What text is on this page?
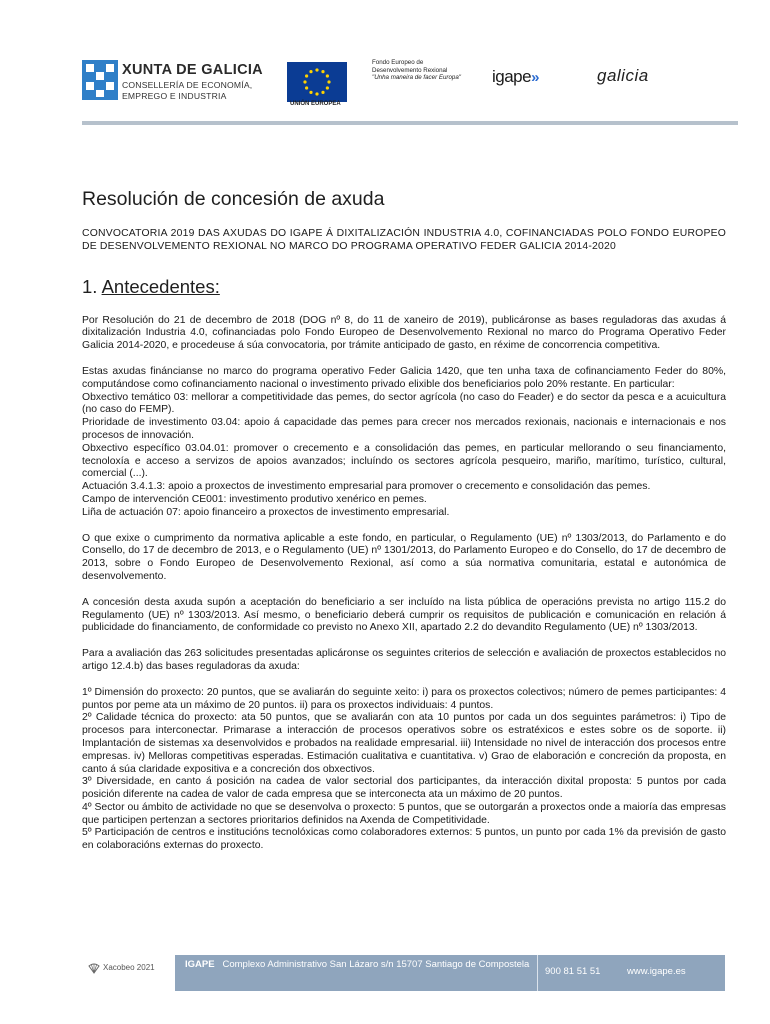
XUNTA DE GALICIA
CONSELLERÍA DE ECONOMÍA,
EMPREGO E INDUSTRIA
UNIÓN EUROPEA
Fondo Europeo de
Desenvolvemento Rexional
"Unha maneira de facer Europa" igape»	galicia
Resolución de concesión de axuda
CONVOCATORIA 2019 DAS AXUDAS DO IGAPE Á DIXITALIZACIÓN INDUSTRIA 4.0, COFINANCIADAS POLO FONDO EUROPEO DE DESENVOLVEMENTO REXIONAL NO MARCO DO PROGRAMA OPERATIVO FEDER GALICIA 2014-2020
1. Antecedentes:

Por Resolución do 21 de decembro de 2018 (DOG nº 8, do 11 de xaneiro de 2019), publicáronse as bases reguladoras das axudas á dixitalización Industria 4.0, cofinanciadas polo Fondo Europeo de Desenvolvemento Rexional no marco do Programa Operativo Feder Galicia 2014-2020, e procedeuse á súa convocatoria, por trámite anticipado de gasto, en réxime de concorrencia competitiva.

Estas axudas fináncianse no marco do programa operativo Feder Galicia 1420, que ten unha taxa de cofinanciamento Feder do 80%, computándose como cofinanciamento nacional o investimento privado elixible dos beneficiarios polo 20% restante. En particular:

Obxectivo temático 03: mellorar a competitividade das pemes, do sector agrícola (no caso do Feader) e do sector da pesca e a acuicultura (no caso do FEMP).

Prioridade de investimento 03.04: apoio á capacidade das pemes para crecer nos mercados rexionais, nacionais e internacionais e nos procesos de innovación.

Obxectivo específico 03.04.01: promover o crecemento e a consolidación das pemes, en particular mellorando o seu financiamento, tecnoloxía e acceso a servizos de apoios avanzados; incluíndo os sectores agrícola pesqueiro, mariño, marítimo, turístico, cultural, comercial (...).

Actuación 3.4.1.3: apoio a proxectos de investimento empresarial para promover o crecemento e consolidación das pemes.

Campo de intervención CE001: investimento produtivo xenérico en pemes.

Liña de actuación 07: apoio financeiro a proxectos de investimento empresarial.

O que exixe o cumprimento da normativa aplicable a este fondo, en particular, o Regulamento (UE) nº 1303/2013, do Parlamento e do Consello, do 17 de decembro de 2013, e o Regulamento (UE) nº 1301/2013, do Parlamento Europeo e do Consello, do 17 de decembro de 2013, sobre o Fondo Europeo de Desenvolvemento Rexional, así como a súa normativa comunitaria, estatal e autonómica de desenvolvemento.

A concesión desta axuda supón a aceptación do beneficiario a ser incluído na lista pública de operacións prevista no artigo 115.2 do Regulamento (UE) nº 1303/2013. Así mesmo, o beneficiario deberá cumprir os requisitos de publicación e comunicación en relación á publicidade do financiamento, de conformidade co previsto no Anexo XII, apartado 2.2 do devandito Regulamento (UE) nº 1303/2013.

Para a avaliación das 263 solicitudes presentadas aplicáronse os seguintes criterios de selección e avaliación de proxectos establecidos no artigo 12.4.b) das bases reguladoras da axuda:

1º Dimensión do proxecto: 20 puntos, que se avaliarán do seguinte xeito: i) para os proxectos colectivos; número de pemes participantes: 4 puntos por peme ata un máximo de 20 puntos. ii) para os proxectos individuais: 4 puntos.

2º Calidade técnica do proxecto: ata 50 puntos, que se avaliarán con ata 10 puntos por cada un dos seguintes parámetros: i) Tipo de procesos para interconectar. Primarase a interacción de procesos operativos sobre os estratéxicos e estes sobre os de soporte. ii) Implantación de sistemas xa desenvolvidos e probados na realidade empresarial. iii) Intensidade no nivel de interacción dos procesos entre empresas. iv) Melloras competitivas esperadas. Estimación cualitativa e cuantitativa. v) Grao de elaboración e concreción da proposta, en canto á súa claridade expositiva e a concreción dos obxectivos.

3º Diversidade, en canto á posición na cadea de valor sectorial dos participantes, da interacción dixital proposta: 5 puntos por cada posición diferente na cadea de valor de cada empresa que se interconecta ata un máximo de 20 puntos.

4º Sector ou ámbito de actividade no que se desenvolva o proxecto: 5 puntos, que se outorgarán a proxectos onde a maioría das empresas que participen pertenzan a sectores prioritarios definidos na Axenda de Competitividade.

5º Participación de centros e institucións tecnolóxicas como colaboradores externos: 5 puntos, un punto por cada 1% da previsión de gasto en colaboracións externas do proxecto.

Xacobeo 2021	IGAPE Complexo Administrativo San Lázaro s/n 15707 Santiago de Compostela
900 81 51 51	www.igape.es
